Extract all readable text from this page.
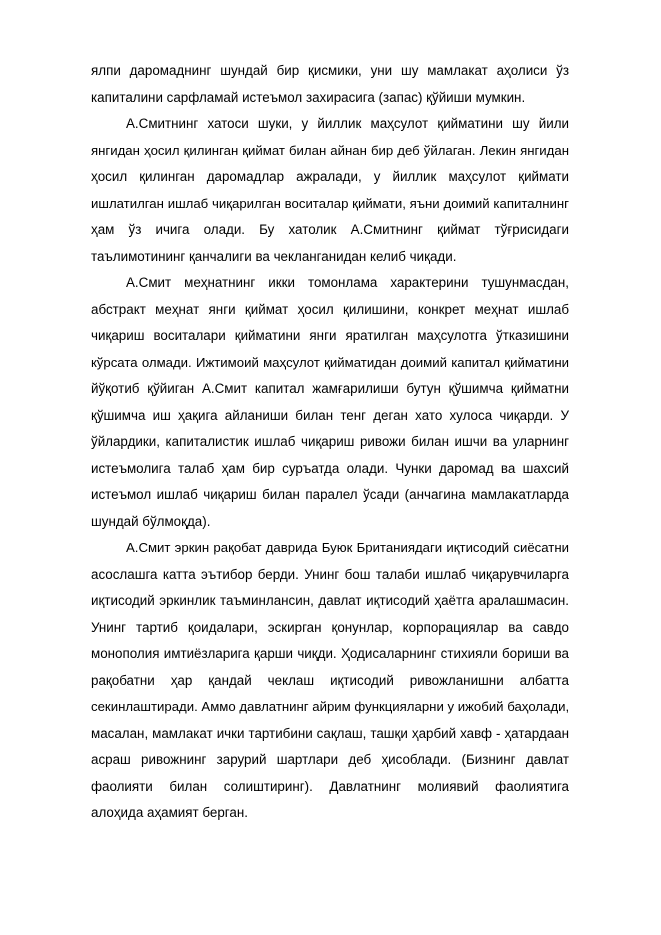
ялпи даромаднинг шундай бир қисмики, уни шу мамлакат аҳолиси ўз
капиталини сарфламай истеъмол захирасига (запас) қўйиши мумкин.

А.Смитнинг хатоси шуки, у йиллик маҳсулот қийматини шу йили
янгидан ҳосил қилинган қиймат билан айнан бир деб ўйлаган. Лекин янгидан
ҳосил қилинган даромадлар ажралади, у йиллик маҳсулот қиймати
ишлатилган ишлаб чиқарилган воситалар қиймати, яъни доимий капиталнинг
ҳам ўз ичига олади. Бу хатолик А.Смитнинг қиймат тўғрисидаги
таълимотининг қанчалиги ва чекланганидан келиб чиқади.

А.Смит меҳнатнинг икки томонлама характерини тушунмасдан,
абстракт меҳнат янги қиймат ҳосил қилишини, конкрет меҳнат ишлаб
чиқариш воситалари қийматини янги яратилган маҳсулотга ўтказишини
кўрсата олмади. Ижтимоий маҳсулот қийматидан доимий капитал қийматини
йўқотиб қўйиган А.Смит капитал жамғарилиши бутун қўшимча қийматни
қўшимча иш ҳақига айланиши билан тенг деган хато хулоса чиқарди. У
ўйлардики, капиталистик ишлаб чиқариш ривожи билан ишчи ва уларнинг
истеъмолига талаб ҳам бир суръатда олади. Чунки даромад ва шахсий
истеъмол ишлаб чиқариш билан паралел ўсади (анчагина мамлакатларда
шундай бўлмоқда).

А.Смит эркин рақобат даврида Буюк Британиядаги иқтисодий сиёсатни
асослашга катта эътибор берди. Унинг бош талаби ишлаб чиқарувчиларга
иқтисодий эркинлик таъминлансин, давлат иқтисодий ҳаётга аралашмасин.
Унинг тартиб қоидалари, эскирган қонунлар, корпорациялар ва савдо
монополия имтиёзларига қарши чиқди. Ҳодисаларнинг стихияли бориши ва
рақобатни ҳар қандай чеклаш иқтисодий ривожланишни албатта
секинлаштиради. Аммо давлатнинг айрим функцияларни у ижобий баҳолади,
масалан, мамлакат ички тартибини сақлаш, ташқи ҳарбий хавф - ҳатардаан
асраш ривожнинг зарурий шартлари деб ҳисоблади. (Бизнинг давлат
фаолияти билан солиштиринг). Давлатнинг молиявий фаолиятига
алоҳида аҳамият берган.
